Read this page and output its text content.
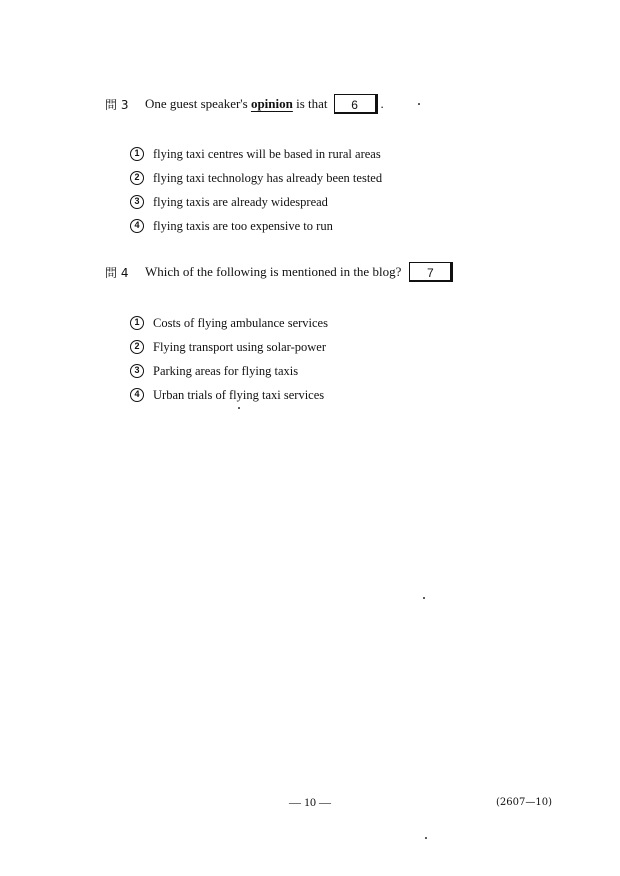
問 3	One guest speaker's opinion is that	6	.
1	flying taxi centres will be based in rural areas
2	flying taxi technology has already been tested
3	flying taxis are already widespread
4	flying taxis are too expensive to run
問 4	Which of the following is mentioned in the blog?	7
1	Costs of flying ambulance services
2	Flying transport using solar-power
3	Parking areas for flying taxis
4	Urban trials of flying taxi services
— 10 —	(2607—10)
